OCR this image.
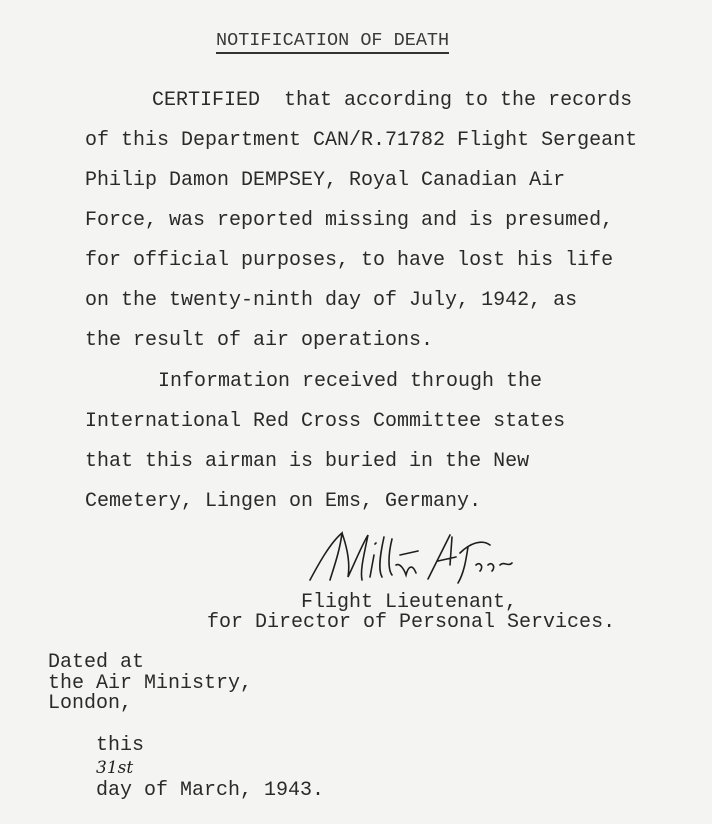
NOTIFICATION OF DEATH
CERTIFIED  that according to the records
of this Department CAN/R.71782 Flight Sergeant
Philip Damon DEMPSEY, Royal Canadian Air
Force, was reported missing and is presumed,
for official purposes, to have lost his life
on the twenty-ninth day of July, 1942, as
the result of air operations.
Information received through the
International Red Cross Committee states
that this airman is buried in the New
Cemetery, Lingen on Ems, Germany.
Flight Lieutenant,
for Director of Personal Services.
Dated at
the Air Ministry,
London,

this
31st
day of March, 1943.
